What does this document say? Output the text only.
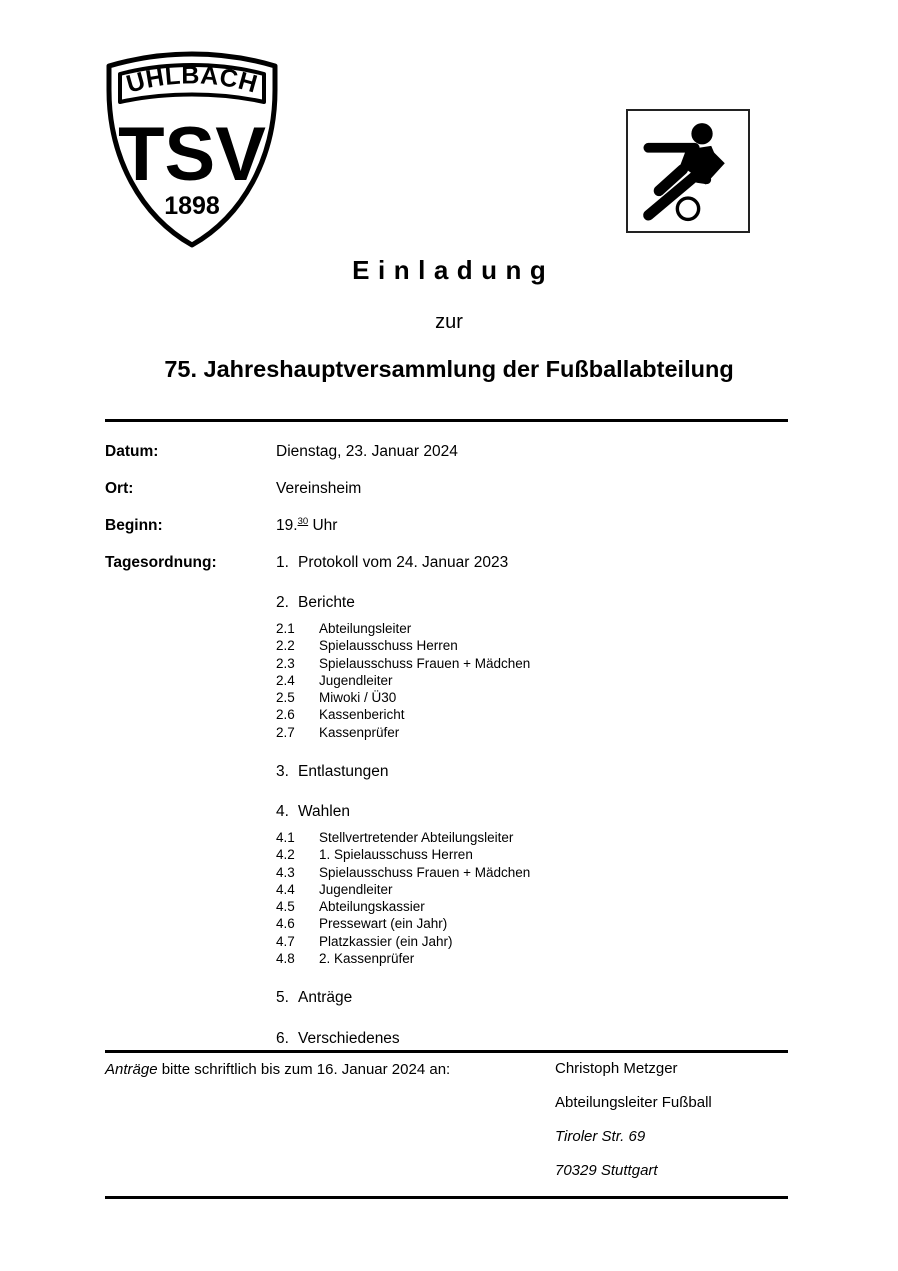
UHLBACH
TSV
1898
Einladung
zur
75. Jahreshauptversammlung der Fußballabteilung
Datum:	Dienstag, 23. Januar 2024
Ort:	Vereinsheim
Beginn:	19.30 Uhr
Tagesordnung:	1. Protokoll vom 24. Januar 2023
2. Berichte
2.1	Abteilungsleiter
2.2	Spielausschuss Herren
2.3	Spielausschuss Frauen + Mädchen
2.4	Jugendleiter
2.5	Miwoki / Ü30
2.6	Kassenbericht
2.7	Kassenprüfer
3. Entlastungen
4. Wahlen
4.1	Stellvertretender Abteilungsleiter
4.2	1. Spielausschuss Herren
4.3	Spielausschuss Frauen + Mädchen
4.4	Jugendleiter
4.5	Abteilungskassier
4.6	Pressewart (ein Jahr)
4.7	Platzkassier (ein Jahr)
4.8	2. Kassenprüfer
5. Anträge
6. Verschiedenes
Anträge bitte schriftlich bis zum 16. Januar 2024 an:	Christoph Metzger
Abteilungsleiter Fußball
Tiroler Str. 69
70329 Stuttgart
